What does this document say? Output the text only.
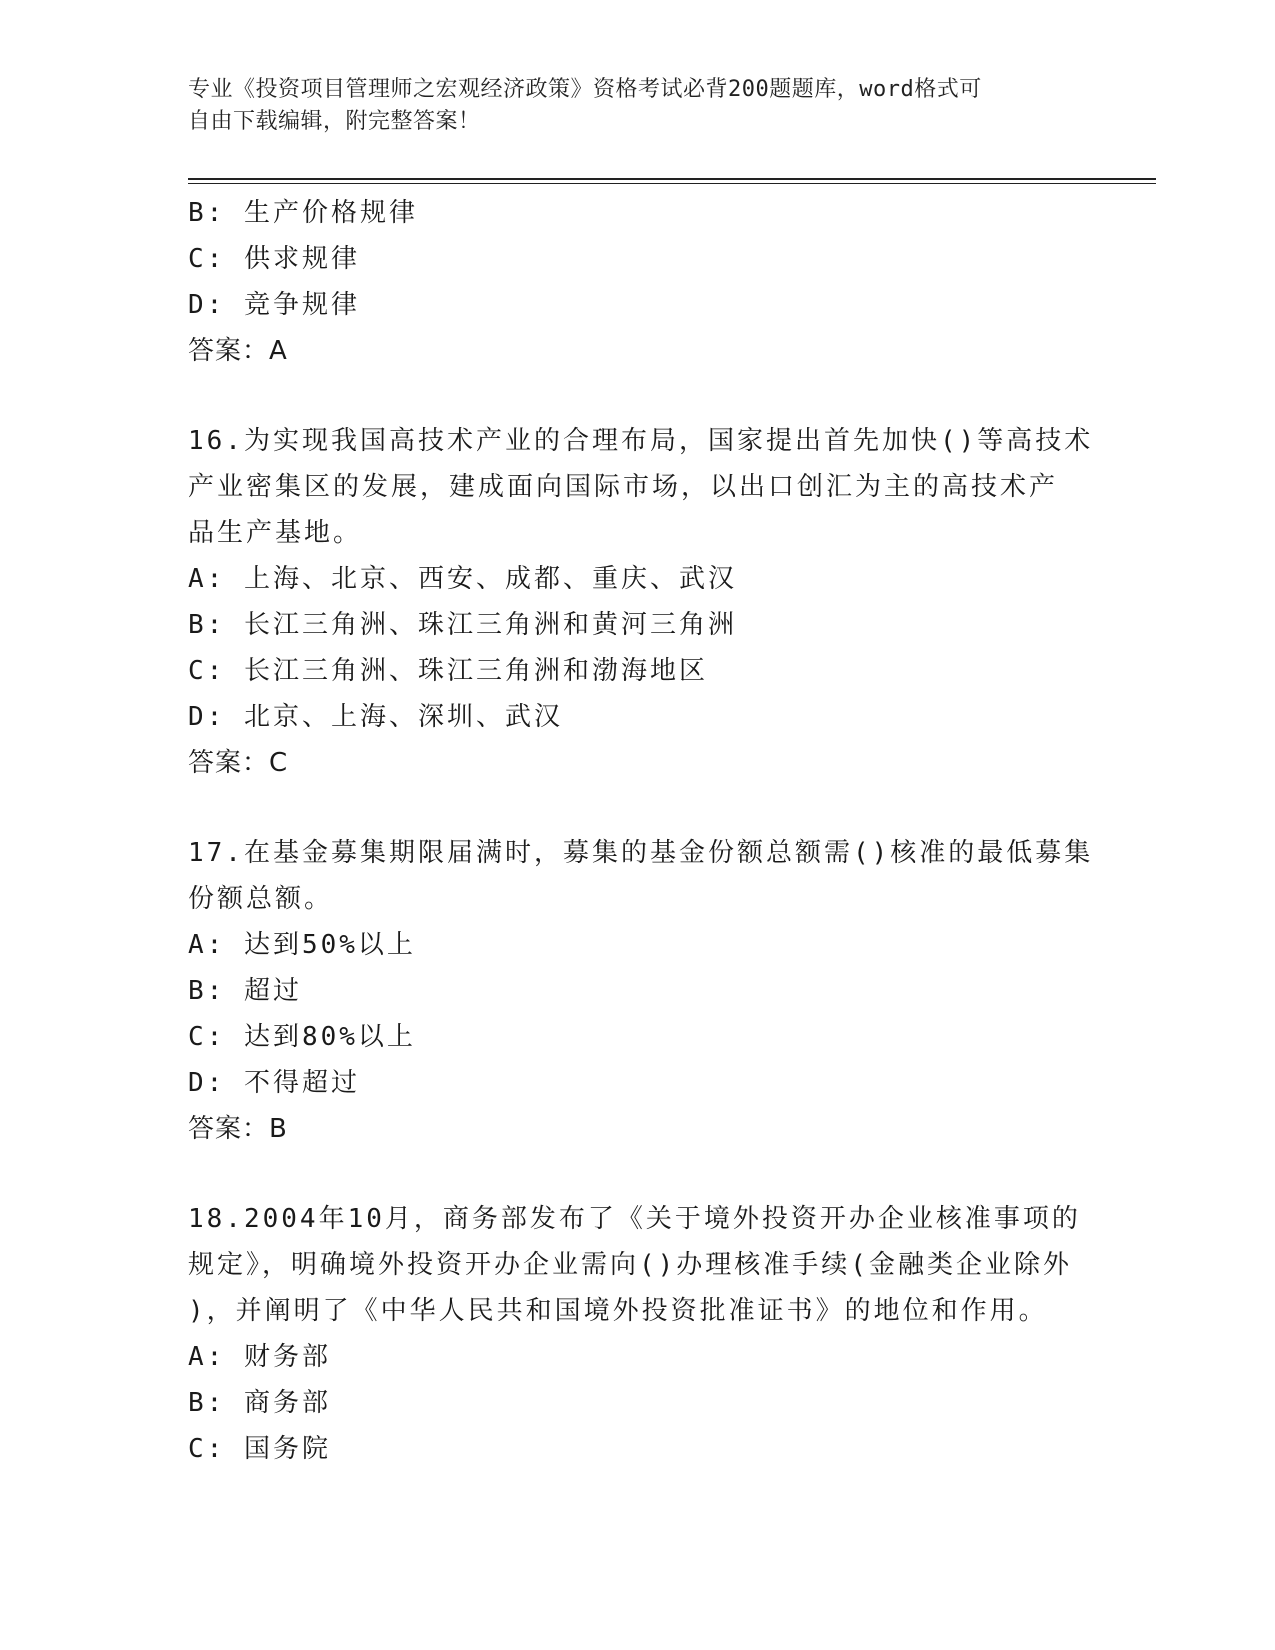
专业《投资项目管理师之宏观经济政策》资格考试必背200题题库，word格式可
自由下载编辑，附完整答案！
B: 生产价格规律
C: 供求规律
D: 竞争规律
答案：A
16.为实现我国高技术产业的合理布局，国家提出首先加快()等高技术
产业密集区的发展，建成面向国际市场，以出口创汇为主的高技术产
品生产基地。
A: 上海、北京、西安、成都、重庆、武汉
B: 长江三角洲、珠江三角洲和黄河三角洲
C: 长江三角洲、珠江三角洲和渤海地区
D: 北京、上海、深圳、武汉
答案：C
17.在基金募集期限届满时，募集的基金份额总额需()核准的最低募集
份额总额。
A: 达到50%以上
B: 超过
C: 达到80%以上
D: 不得超过
答案：B
18.2004年10月，商务部发布了《关于境外投资开办企业核准事项的
规定》，明确境外投资开办企业需向()办理核准手续(金融类企业除外
)，并阐明了《中华人民共和国境外投资批准证书》的地位和作用。
A: 财务部
B: 商务部
C: 国务院
